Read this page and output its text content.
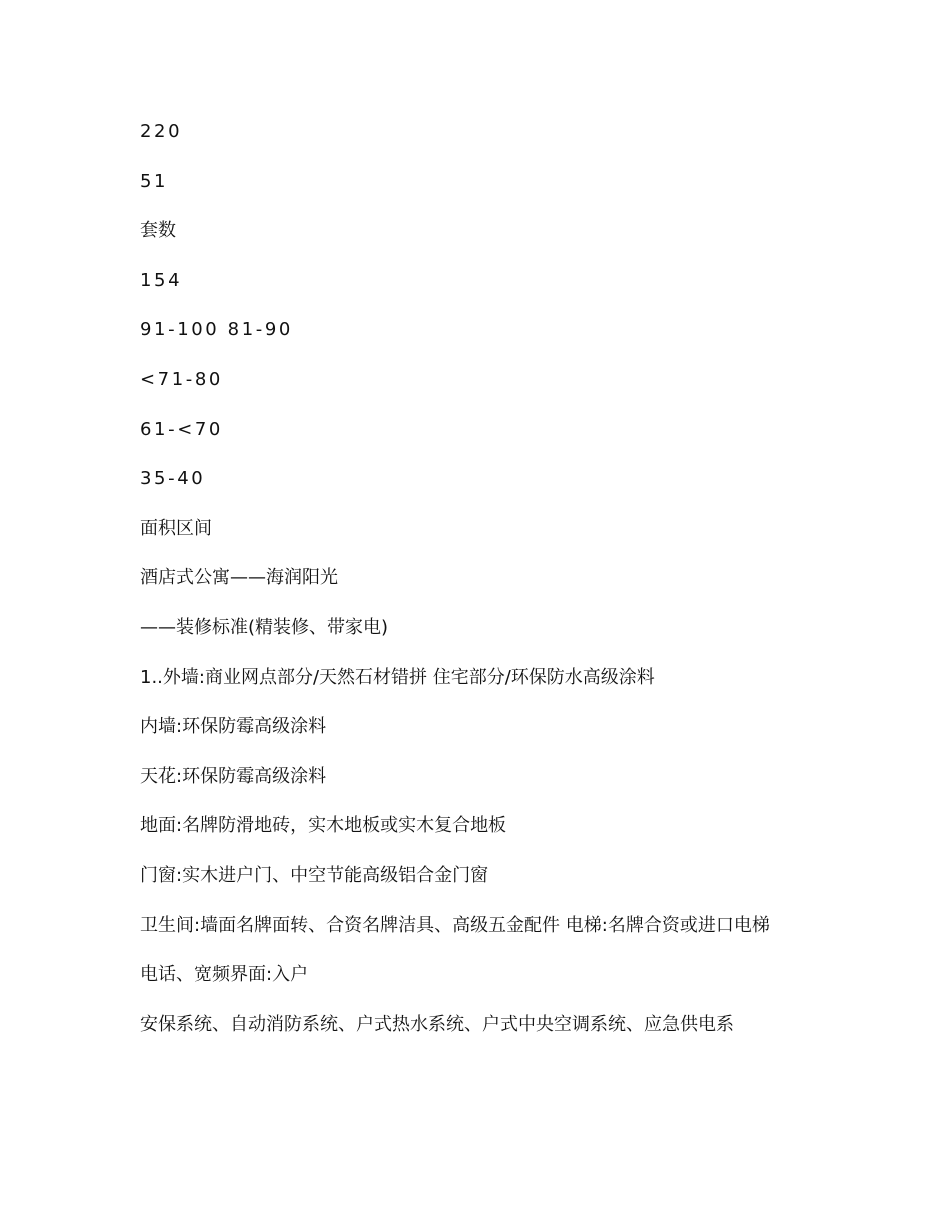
220

51

套数

154

91-100 81-90

<71-80

61-<70

35-40

面积区间

酒店式公寓——海润阳光

——装修标准(精装修、带家电)

1..外墙:商业网点部分/天然石材错拼 住宅部分/环保防水高级涂料

内墙:环保防霉高级涂料

天花:环保防霉高级涂料

地面:名牌防滑地砖，实木地板或实木复合地板

门窗:实木进户门、中空节能高级铝合金门窗

卫生间:墙面名牌面转、合资名牌洁具、高级五金配件 电梯:名牌合资或进口电梯

电话、宽频界面:入户

安保系统、自动消防系统、户式热水系统、户式中央空调系统、应急供电系
